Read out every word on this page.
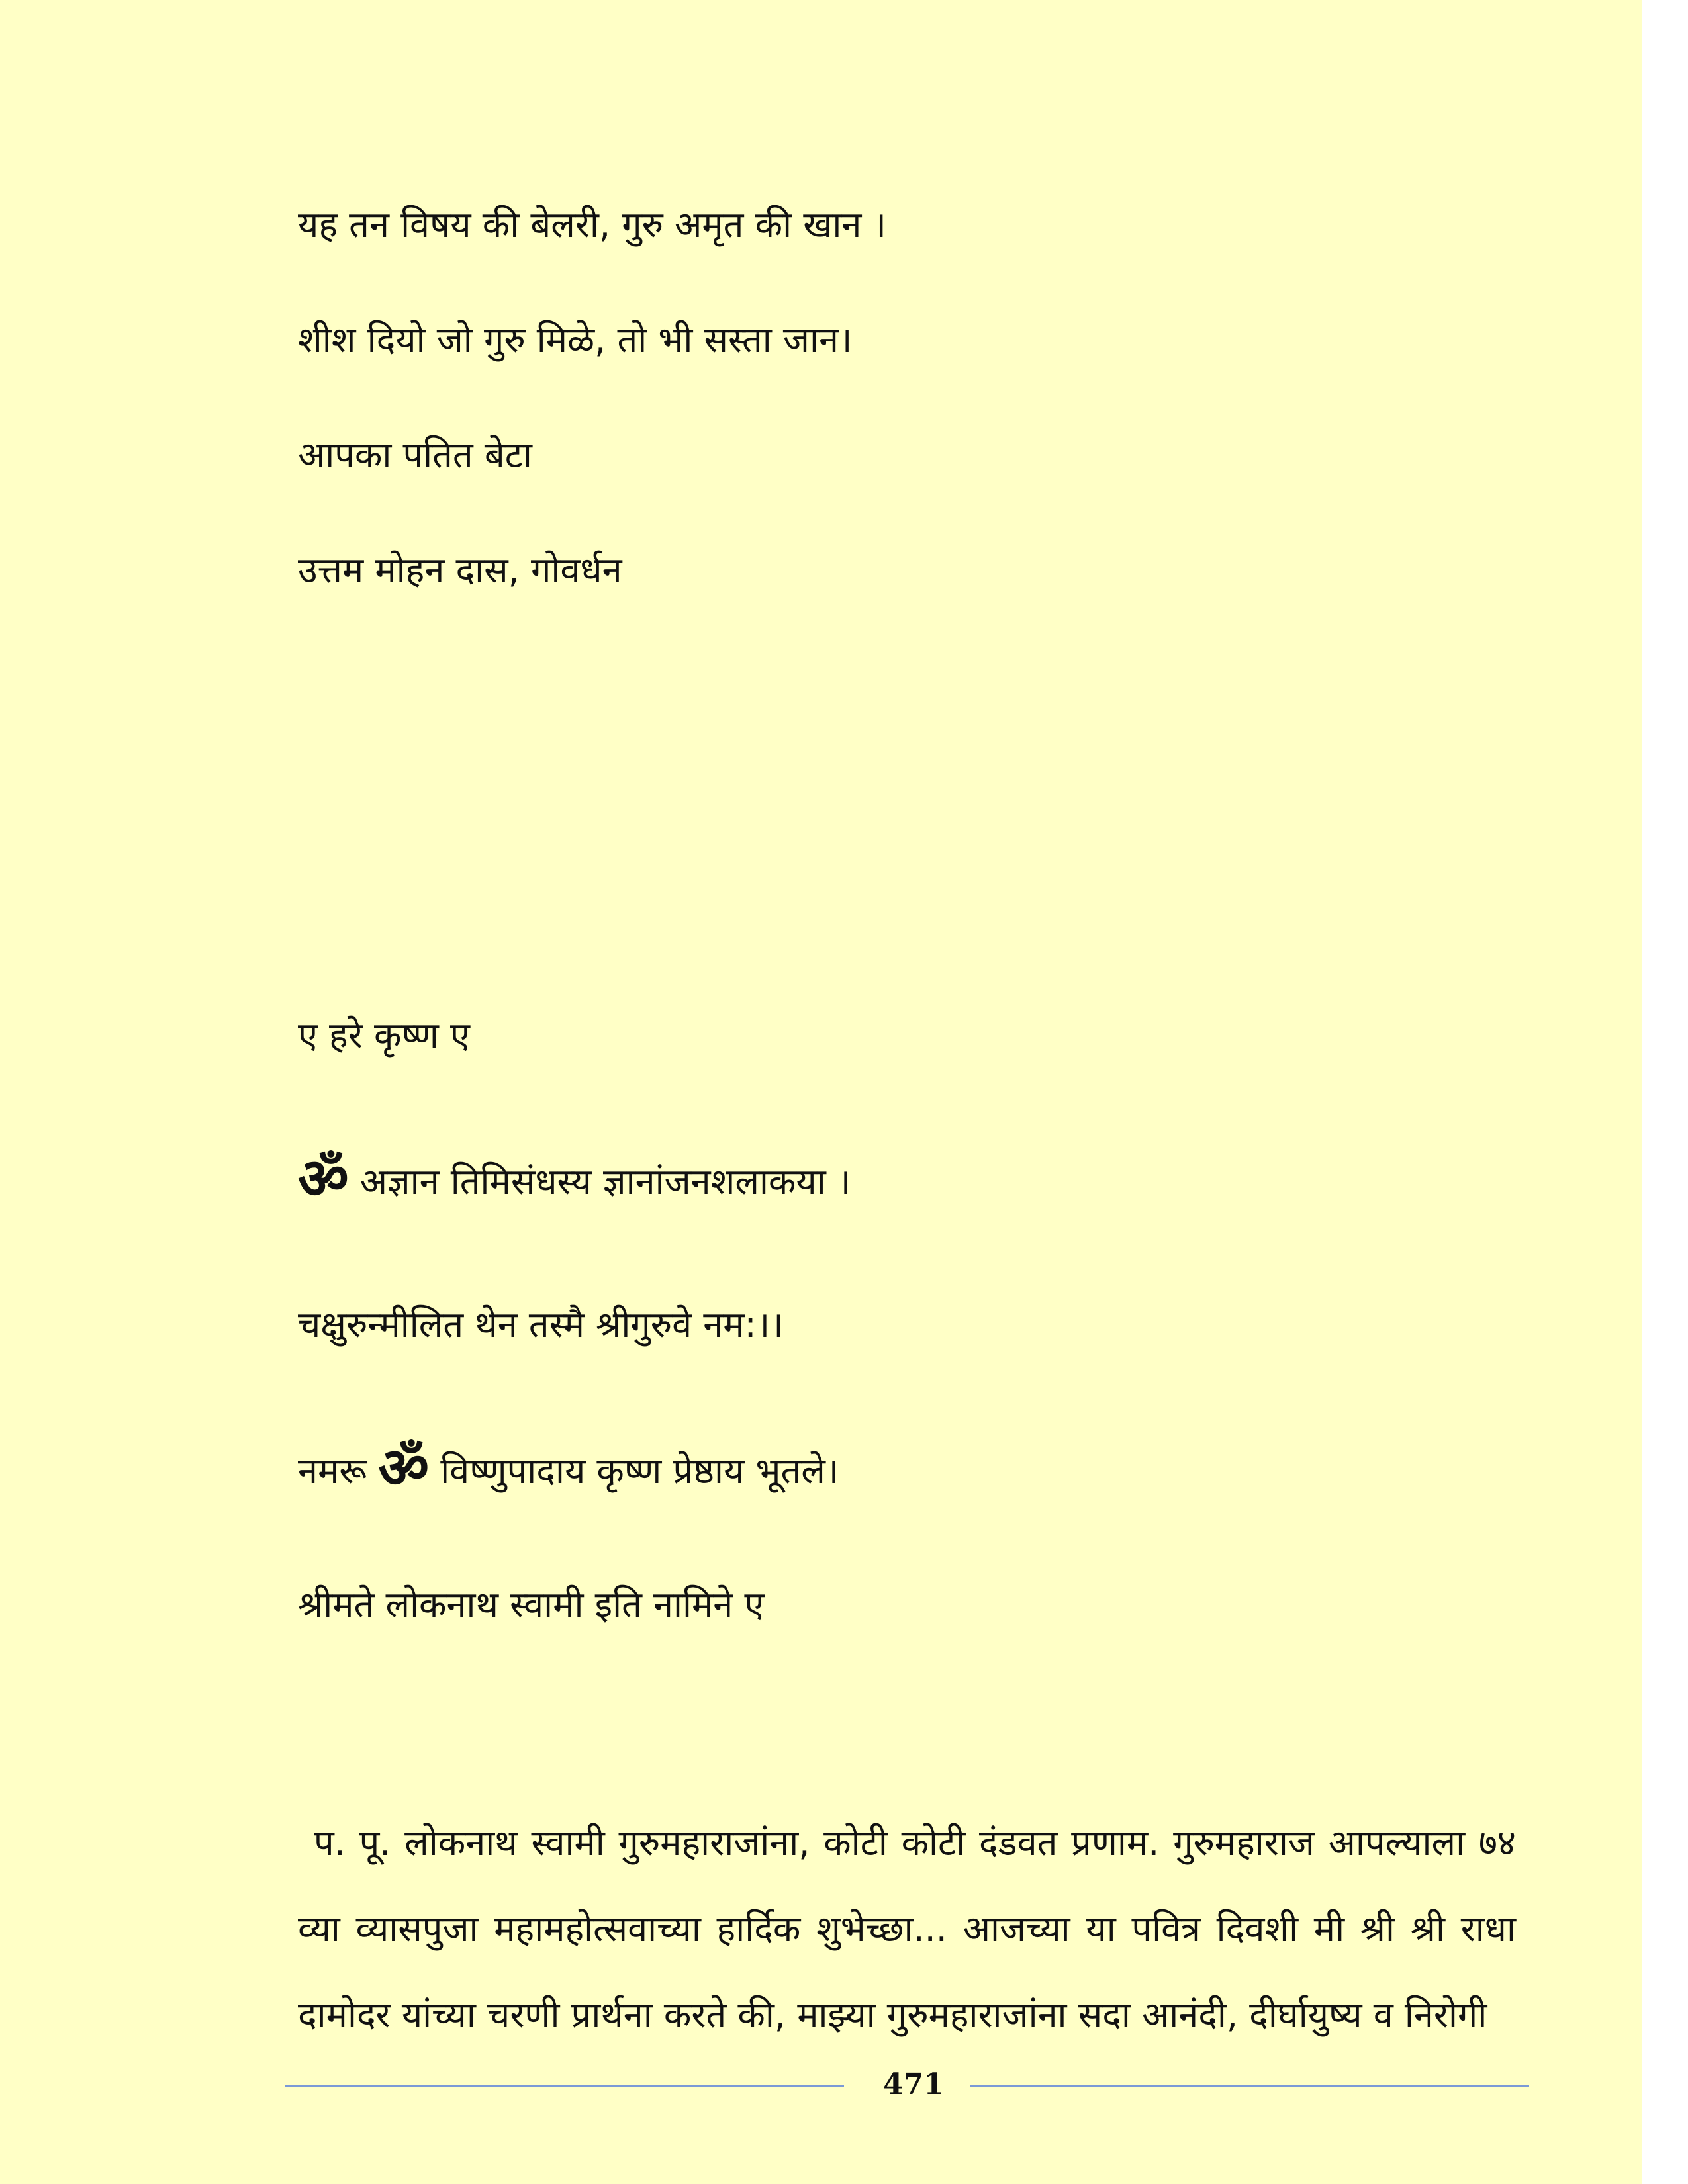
यह तन विषय की बेलरी, गुरु अमृत की खान ।
शीश दियो जो गुरु मिळे, तो भी सस्ता जान।
आपका पतित बेटा
उत्तम मोहन दास, गोवर्धन
ए हरे कृष्ण ए
ॐ अज्ञान तिमिसंधस्य ज्ञानांजनशलाकया ।
चक्षुरुन्मीलित थेन तस्मै श्रीगुरुवे नम:।।
नमरू ॐ विष्णुपादाय कृष्ण प्रेष्ठाय भूतले।
श्रीमते लोकनाथ स्वामी इति नामिने ए
प. पू. लोकनाथ स्वामी गुरुमहाराजांना, कोटी कोटी दंडवत प्रणाम. गुरुमहाराज आपल्याला ७४ व्या व्यासपुजा महामहोत्सवाच्या हार्दिक शुभेच्छा... आजच्या या पवित्र दिवशी मी श्री श्री राधा दामोदर यांच्या चरणी प्रार्थना करते की, माझ्या गुरुमहाराजांना सदा आनंदी, दीर्घायुष्य व निरोगी
471
